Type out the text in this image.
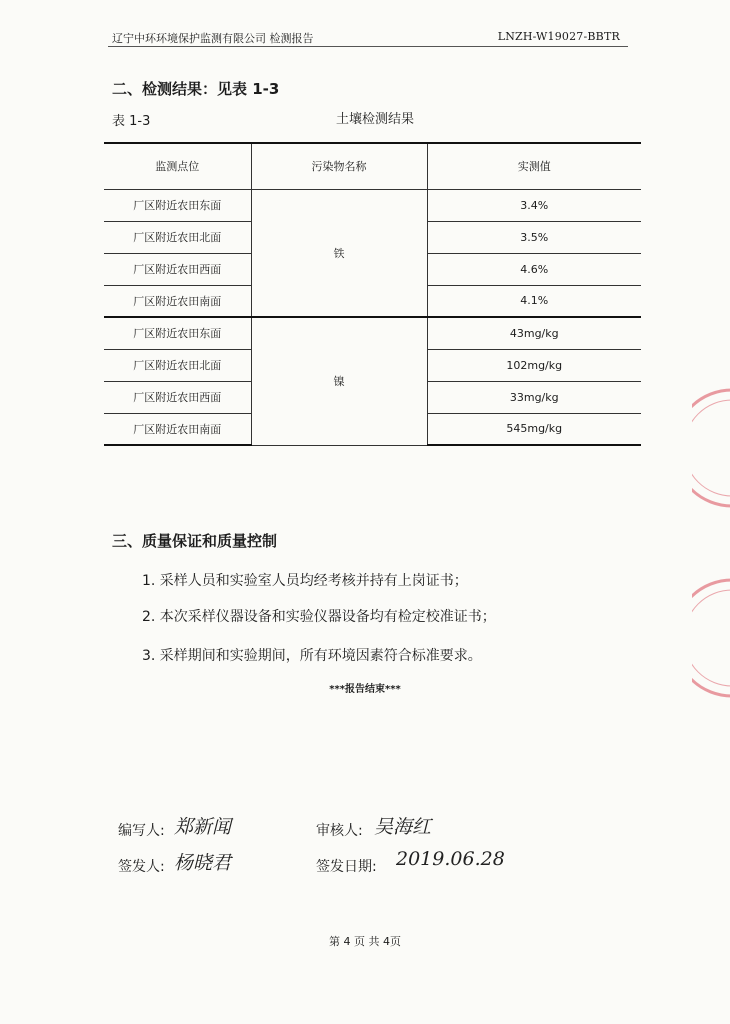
辽宁中环环境保护监测有限公司 检测报告	LNZH-W19027-BBTR
二、检测结果：见表 1-3
表 1-3	土壤检测结果
监测点位	污染物名称	实测值
厂区附近农田东面	铁	3.4%
厂区附近农田北面		3.5%
厂区附近农田西面		4.6%
厂区附近农田南面		4.1%
厂区附近农田东面	镍	43mg/kg
厂区附近农田北面		102mg/kg
厂区附近农田西面		33mg/kg
厂区附近农田南面		545mg/kg
三、质量保证和质量控制
1. 采样人员和实验室人员均经考核并持有上岗证书；
2. 本次采样仪器设备和实验仪器设备均有检定校准证书；
3. 采样期间和实验期间，所有环境因素符合标准要求。
***报告结束***
编写人: 郑新闻	审核人: 吴海红
签发人: 杨晓君	签发日期: 2019.06.28
第 4 页 共 4页
